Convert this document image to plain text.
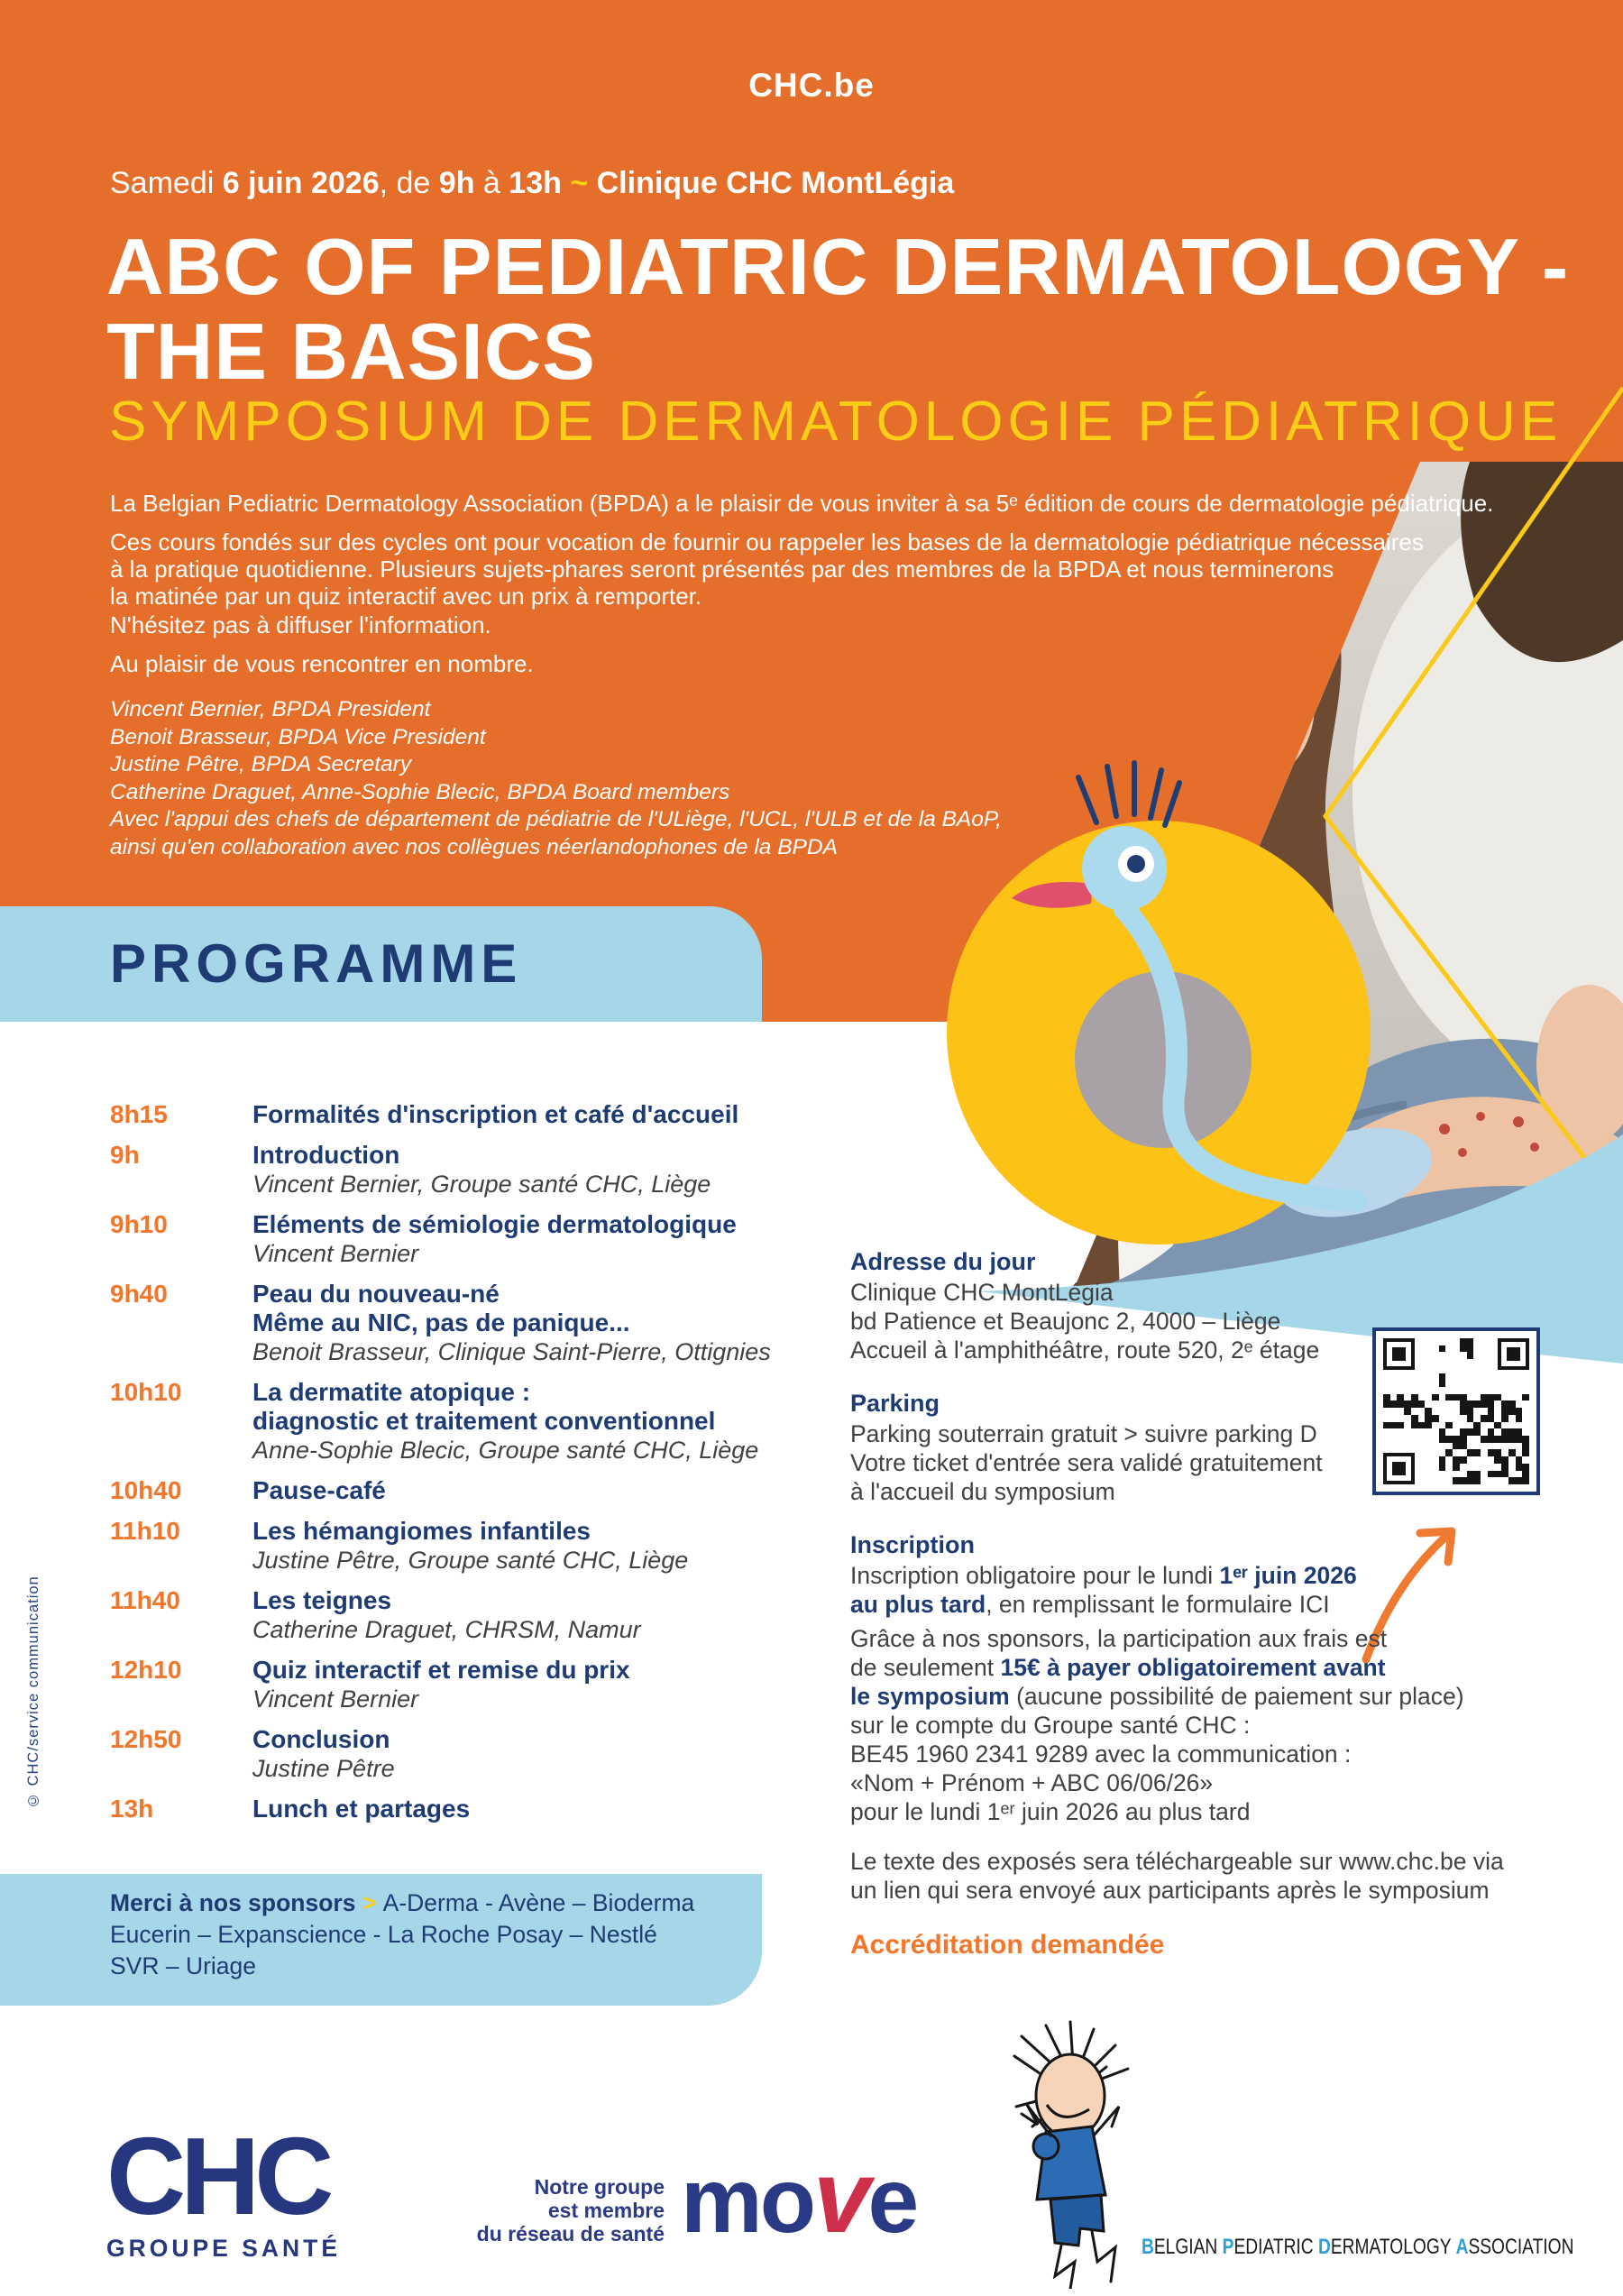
CHC.be
Samedi 6 juin 2026, de 9h à 13h ~ Clinique CHC MontLégia
ABC OF PEDIATRIC DERMATOLOGY -
THE BASICS
SYMPOSIUM DE DERMATOLOGIE PÉDIATRIQUE
La Belgian Pediatric Dermatology Association (BPDA) a le plaisir de vous inviter à sa 5ᵉ édition de cours de dermatologie pédiatrique.
Ces cours fondés sur des cycles ont pour vocation de fournir ou rappeler les bases de la dermatologie pédiatrique nécessaires
à la pratique quotidienne. Plusieurs sujets-phares seront présentés par des membres de la BPDA et nous terminerons
la matinée par un quiz interactif avec un prix à remporter.
N'hésitez pas à diffuser l'information.
Au plaisir de vous rencontrer en nombre.
Vincent Bernier, BPDA President
Benoit Brasseur, BPDA Vice President
Justine Pêtre, BPDA Secretary
Catherine Draguet, Anne-Sophie Blecic, BPDA Board members
Avec l'appui des chefs de département de pédiatrie de l'ULiège, l'UCL, l'ULB et de la BAoP,
ainsi qu'en collaboration avec nos collègues néerlandophones de la BPDA
PROGRAMME
8h15	Formalités d'inscription et café d'accueil
9h	Introduction
Vincent Bernier, Groupe santé CHC, Liège
9h10	Eléments de sémiologie dermatologique
Vincent Bernier
9h40	Peau du nouveau-né
Même au NIC, pas de panique...
Benoit Brasseur, Clinique Saint-Pierre, Ottignies
10h10	La dermatite atopique :
diagnostic et traitement conventionnel
Anne-Sophie Blecic, Groupe santé CHC, Liège
10h40	Pause-café
11h10	Les hémangiomes infantiles
Justine Pêtre, Groupe santé CHC, Liège
11h40	Les teignes
Catherine Draguet, CHRSM, Namur
12h10	Quiz interactif et remise du prix
Vincent Bernier
12h50	Conclusion
Justine Pêtre
13h	Lunch et partages
Adresse du jour
Clinique CHC MontLégia
bd Patience et Beaujonc 2, 4000 – Liège
Accueil à l'amphithéâtre, route 520, 2ᵉ étage
Parking
Parking souterrain gratuit > suivre parking D
Votre ticket d'entrée sera validé gratuitement
à l'accueil du symposium
Inscription
Inscription obligatoire pour le lundi 1ᵉʳ juin 2026
au plus tard, en remplissant le formulaire ICI
Grâce à nos sponsors, la participation aux frais est
de seulement 15€ à payer obligatoirement avant
le symposium (aucune possibilité de paiement sur place)
sur le compte du Groupe santé CHC :
BE45 1960 2341 9289 avec la communication :
«Nom + Prénom + ABC 06/06/26»
pour le lundi 1ᵉʳ juin 2026 au plus tard
Le texte des exposés sera téléchargeable sur www.chc.be via
un lien qui sera envoyé aux participants après le symposium
Accréditation demandée
Merci à nos sponsors > A-Derma - Avène – Bioderma
Eucerin – Expanscience - La Roche Posay – Nestlé
SVR – Uriage
© CHC/service communication
CHC
GROUPE SANTÉ
Notre groupe
est membre
du réseau de santé move	BELGIAN PEDIATRIC DERMATOLOGY ASSOCIATION
